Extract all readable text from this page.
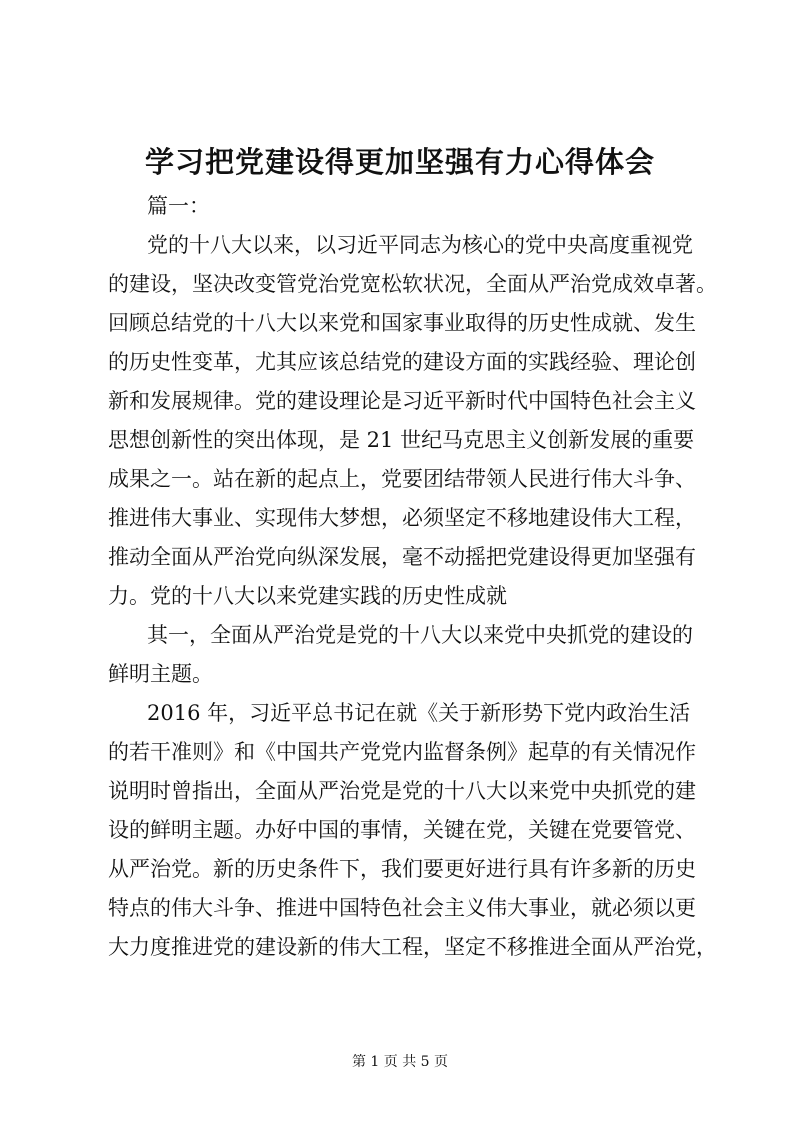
学习把党建设得更加坚强有力心得体会

篇一：

党的十八大以来，以习近平同志为核心的党中央高度重视党

的建设，坚决改变管党治党宽松软状况，全面从严治党成效卓著。

回顾总结党的十八大以来党和国家事业取得的历史性成就、发生

的历史性变革，尤其应该总结党的建设方面的实践经验、理论创

新和发展规律。党的建设理论是习近平新时代中国特色社会主义

思想创新性的突出体现，是 21 世纪马克思主义创新发展的重要

成果之一。站在新的起点上，党要团结带领人民进行伟大斗争、

推进伟大事业、实现伟大梦想，必须坚定不移地建设伟大工程，

推动全面从严治党向纵深发展，毫不动摇把党建设得更加坚强有

力。党的十八大以来党建实践的历史性成就

其一，全面从严治党是党的十八大以来党中央抓党的建设的

鲜明主题。

2016 年，习近平总书记在就《关于新形势下党内政治生活

的若干准则》和《中国共产党党内监督条例》起草的有关情况作

说明时曾指出，全面从严治党是党的十八大以来党中央抓党的建

设的鲜明主题。办好中国的事情，关键在党，关键在党要管党、

从严治党。新的历史条件下，我们要更好进行具有许多新的历史

特点的伟大斗争、推进中国特色社会主义伟大事业，就必须以更

大力度推进党的建设新的伟大工程，坚定不移推进全面从严治党，

第 1 页 共 5 页
